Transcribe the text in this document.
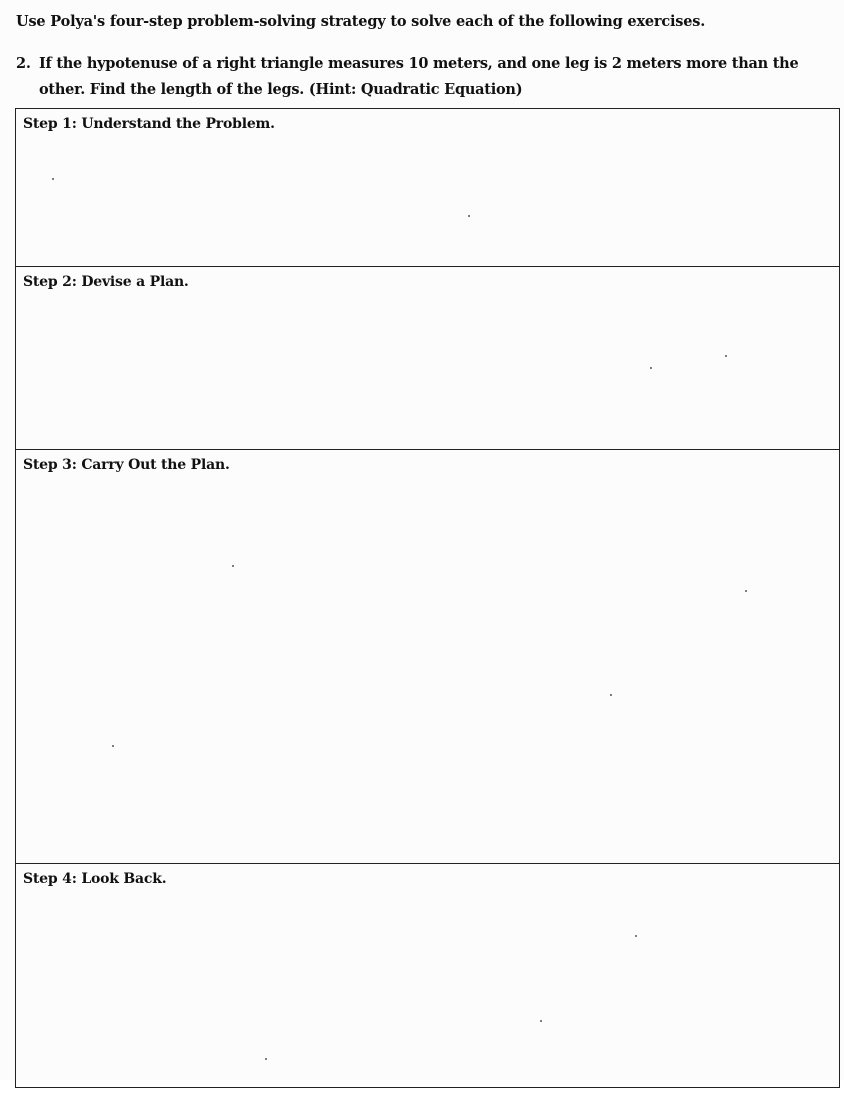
Use Polya's four-step problem-solving strategy to solve each of the following exercises.
2. If the hypotenuse of a right triangle measures 10 meters, and one leg is 2 meters more than the
other. Find the length of the legs. (Hint: Quadratic Equation)
Step 1: Understand the Problem.
Step 2: Devise a Plan.
Step 3: Carry Out the Plan.
Step 4: Look Back.
